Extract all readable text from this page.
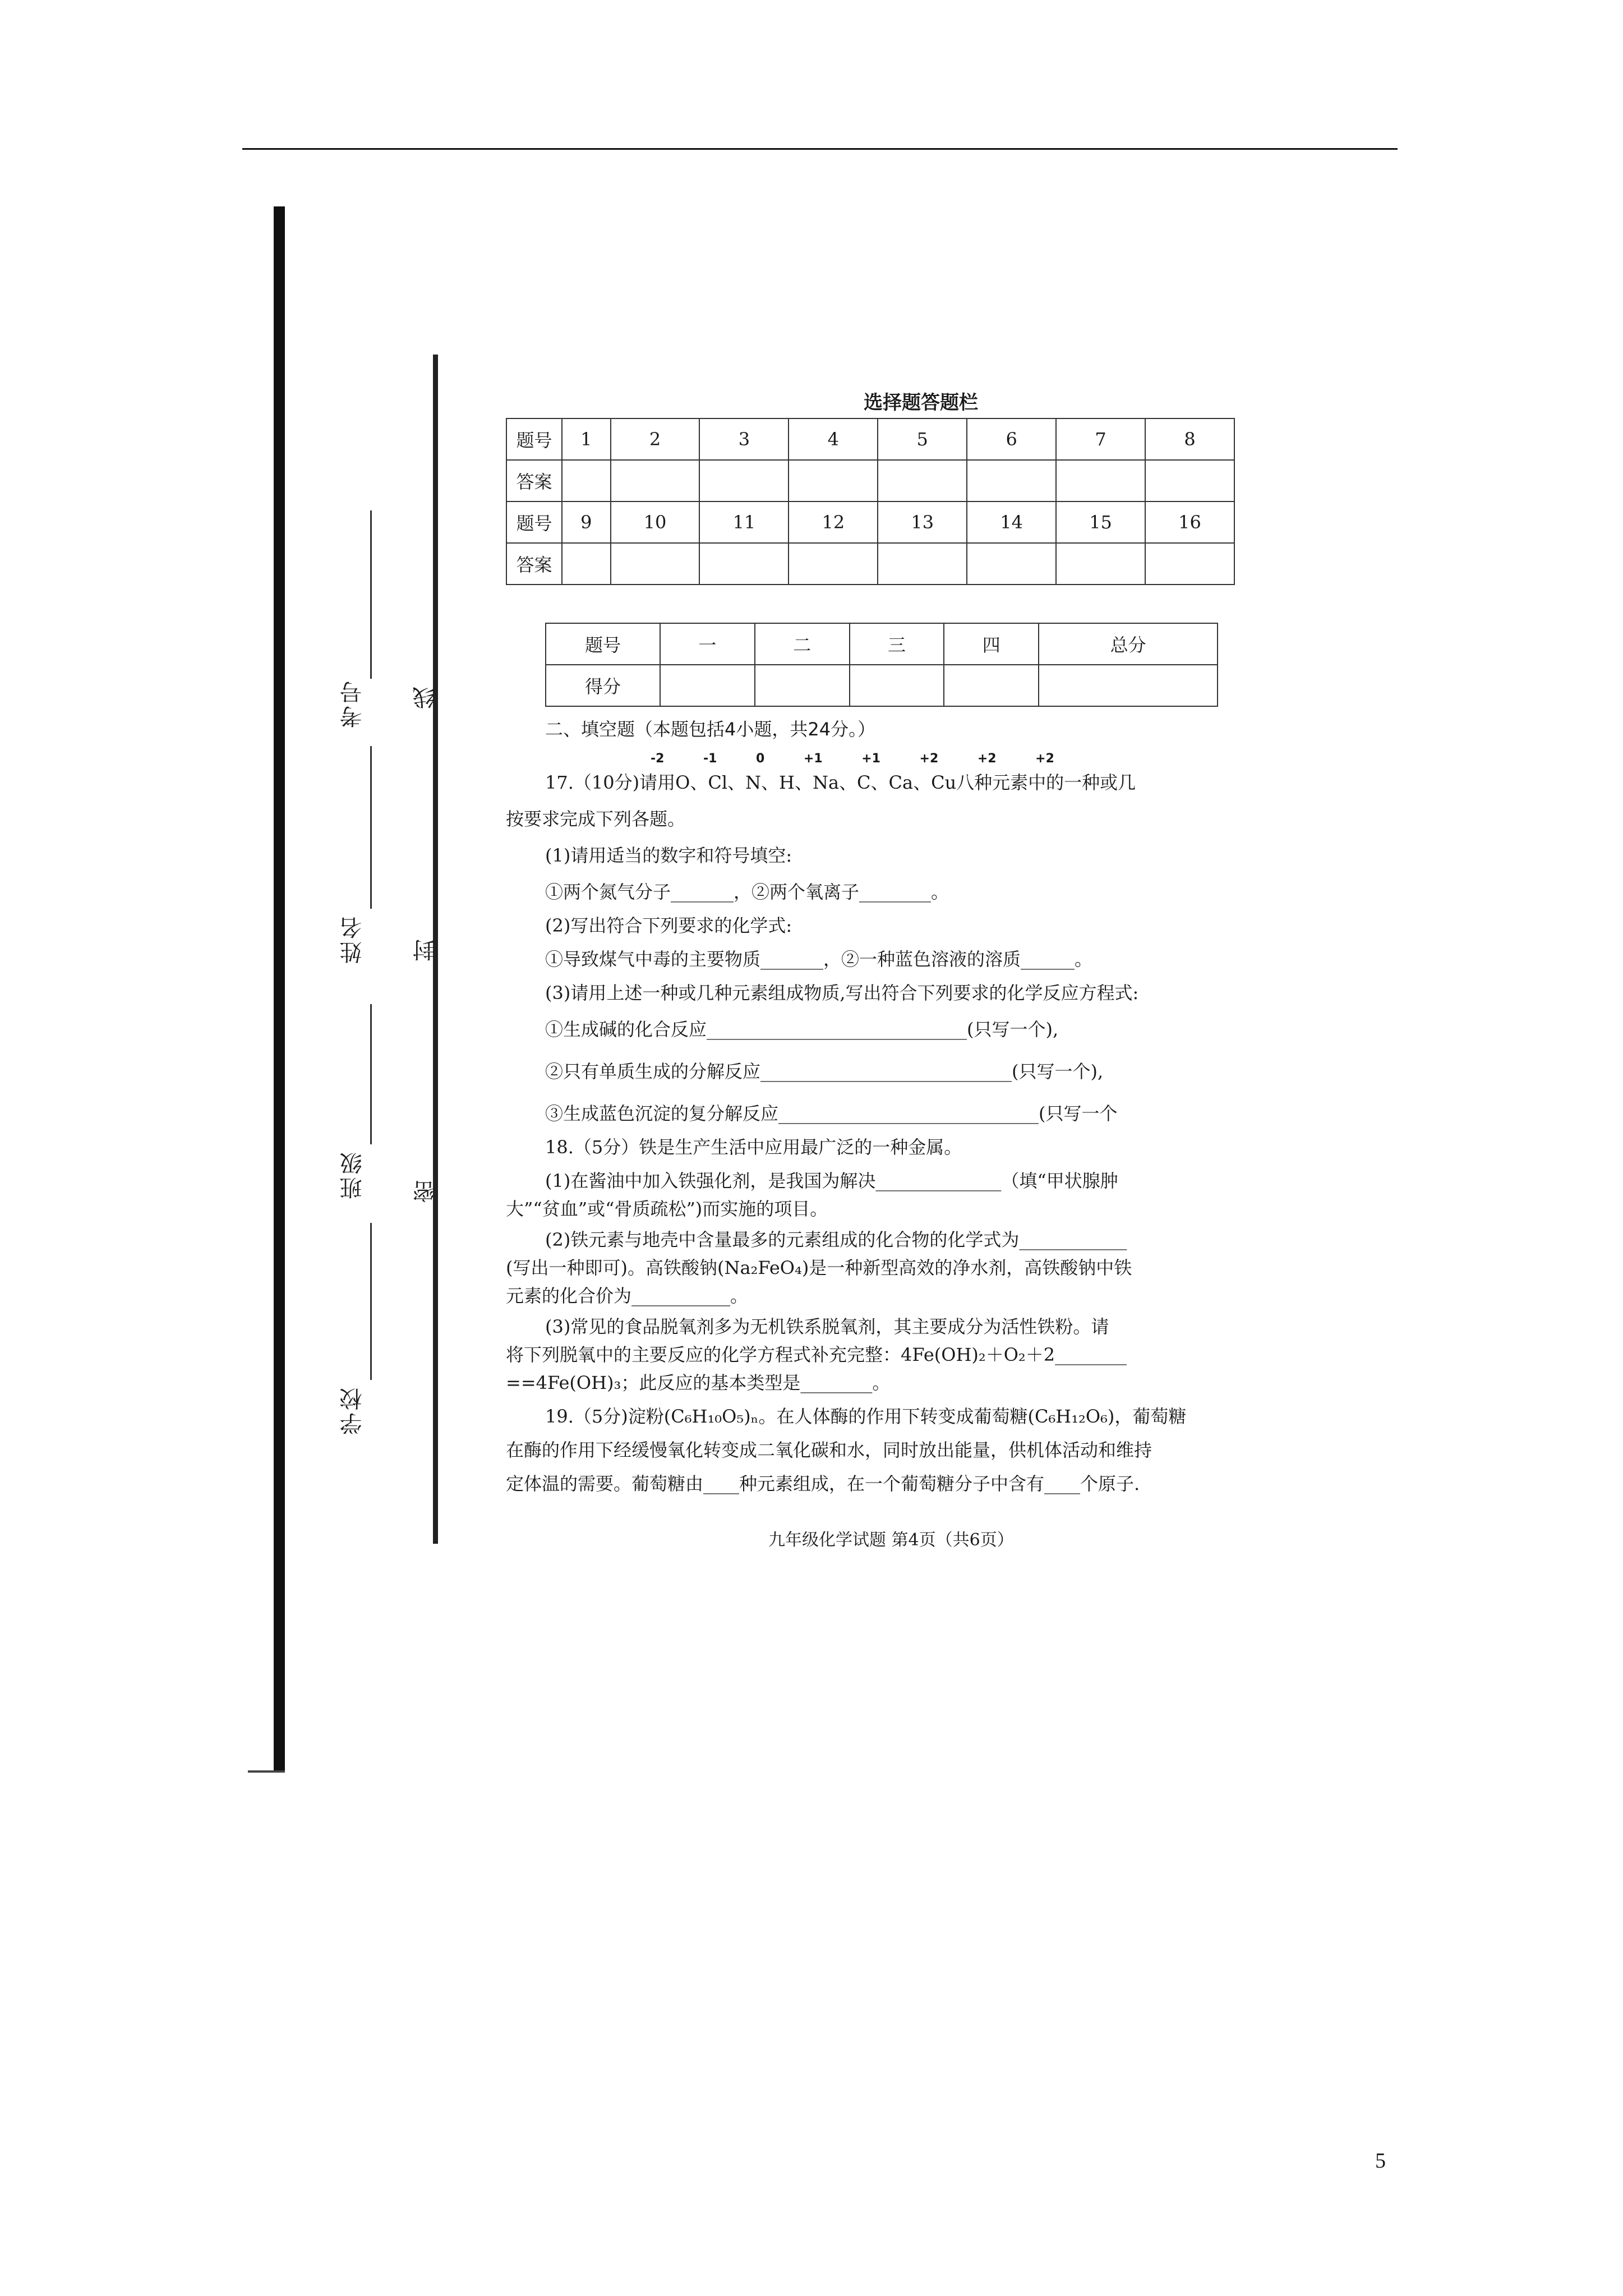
考号
姓名
班级
学校
线
封
密
选择题答题栏
题号	1	2	3	4	5	6	7	8
答案								
题号	9	10	11	12	13	14	15	16
答案								
题号	一	二	三	四	总分
得分					
二、填空题（本题包括4小题，共24分。）
-2	-1	0	+1	+1	+2	+2	+2
17.（10分)请用O、Cl、N、H、Na、C、Ca、Cu八种元素中的一种或几
按要求完成下列各题。
(1)请用适当的数字和符号填空:
①两个氮气分子_______，②两个氧离子________。
(2)写出符合下列要求的化学式:
①导致煤气中毒的主要物质_______，②一种蓝色溶液的溶质______。
(3)请用上述一种或几种元素组成物质,写出符合下列要求的化学反应方程式:
①生成碱的化合反应_____________________________(只写一个),
②只有单质生成的分解反应____________________________(只写一个),
③生成蓝色沉淀的复分解反应_____________________________(只写一个
18.（5分）铁是生产生活中应用最广泛的一种金属。
(1)在酱油中加入铁强化剂，是我国为解决______________（填“甲状腺肿
大”“贫血”或“骨质疏松”)而实施的项目。
(2)铁元素与地壳中含量最多的元素组成的化合物的化学式为____________
(写出一种即可)。高铁酸钠(Na₂FeO₄)是一种新型高效的净水剂，高铁酸钠中铁
元素的化合价为___________。
(3)常见的食品脱氧剂多为无机铁系脱氧剂，其主要成分为活性铁粉。请
将下列脱氧中的主要反应的化学方程式补充完整：4Fe(OH)₂＋O₂＋2________
==4Fe(OH)₃；此反应的基本类型是________。
19.（5分)淀粉(C₆H₁₀O₅)ₙ。在人体酶的作用下转变成葡萄糖(C₆H₁₂O₆)，葡萄糖
在酶的作用下经缓慢氧化转变成二氧化碳和水，同时放出能量，供机体活动和维持
定体温的需要。葡萄糖由____种元素组成，在一个葡萄糖分子中含有____个原子.
九年级化学试题 第4页（共6页）
5
